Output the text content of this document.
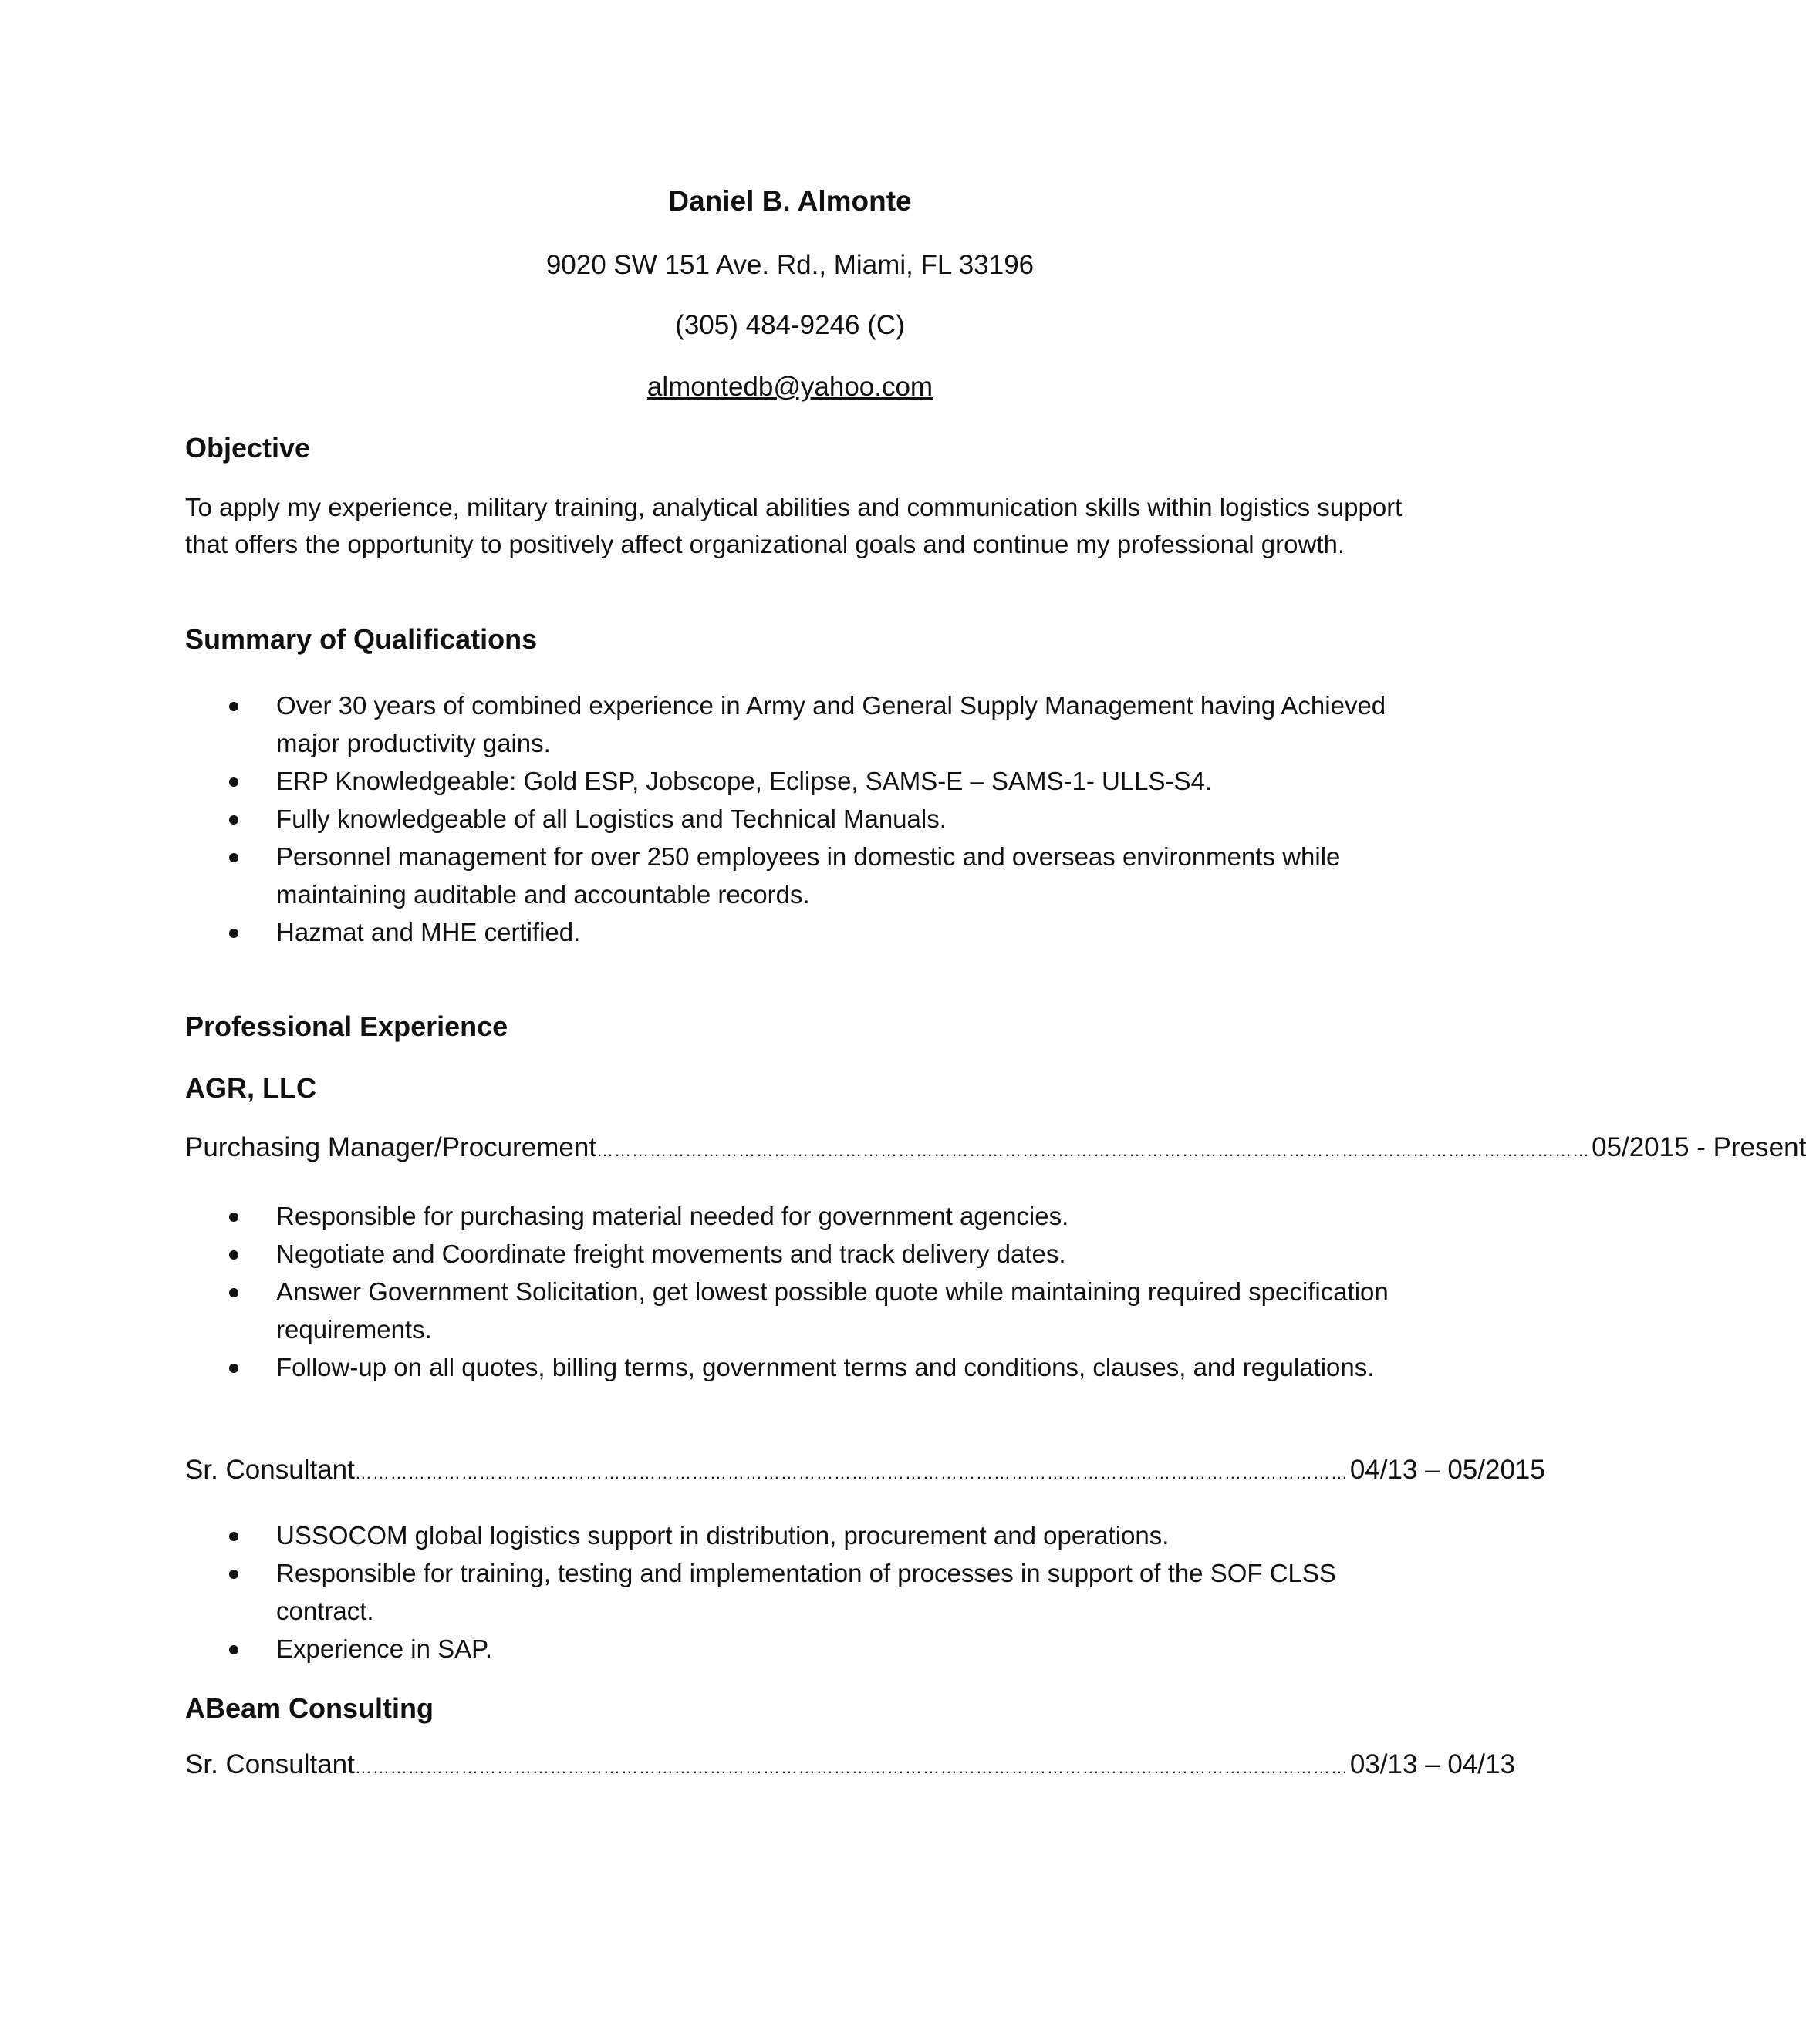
Daniel B. Almonte

9020 SW 151 Ave. Rd., Miami, FL 33196

(305) 484-9246 (C)

almontedb@yahoo.com

Objective

To apply my experience, military training, analytical abilities and communication skills within logistics support that offers the opportunity to positively affect organizational goals and continue my professional growth.

Summary of Qualifications

Over 30 years of combined experience in Army and General Supply Management having Achieved major productivity gains.
ERP Knowledgeable: Gold ESP, Jobscope, Eclipse, SAMS-E – SAMS-1- ULLS-S4.
Fully knowledgeable of all Logistics and Technical Manuals.
Personnel management for over 250 employees in domestic and overseas environments while maintaining auditable and accountable records.
Hazmat and MHE certified.

Professional Experience

AGR, LLC

Purchasing Manager/Procurement …………………………………………………………………………………………………………………………………………………… 05/2015 - Present
Responsible for purchasing material needed for government agencies.
Negotiate and Coordinate freight movements and track delivery dates.
Answer Government Solicitation, get lowest possible quote while maintaining required specification requirements.
Follow-up on all quotes, billing terms, government terms and conditions, clauses, and regulations.
Sr. Consultant …………………………………………………………………………………………………………………………………………………… 04/13 – 05/2015
USSOCOM global logistics support in distribution, procurement and operations.
Responsible for training, testing and implementation of processes in support of the SOF CLSS contract.
Experience in SAP.

ABeam Consulting

Sr. Consultant …………………………………………………………………………………………………………………………………………………… 03/13 – 04/13
